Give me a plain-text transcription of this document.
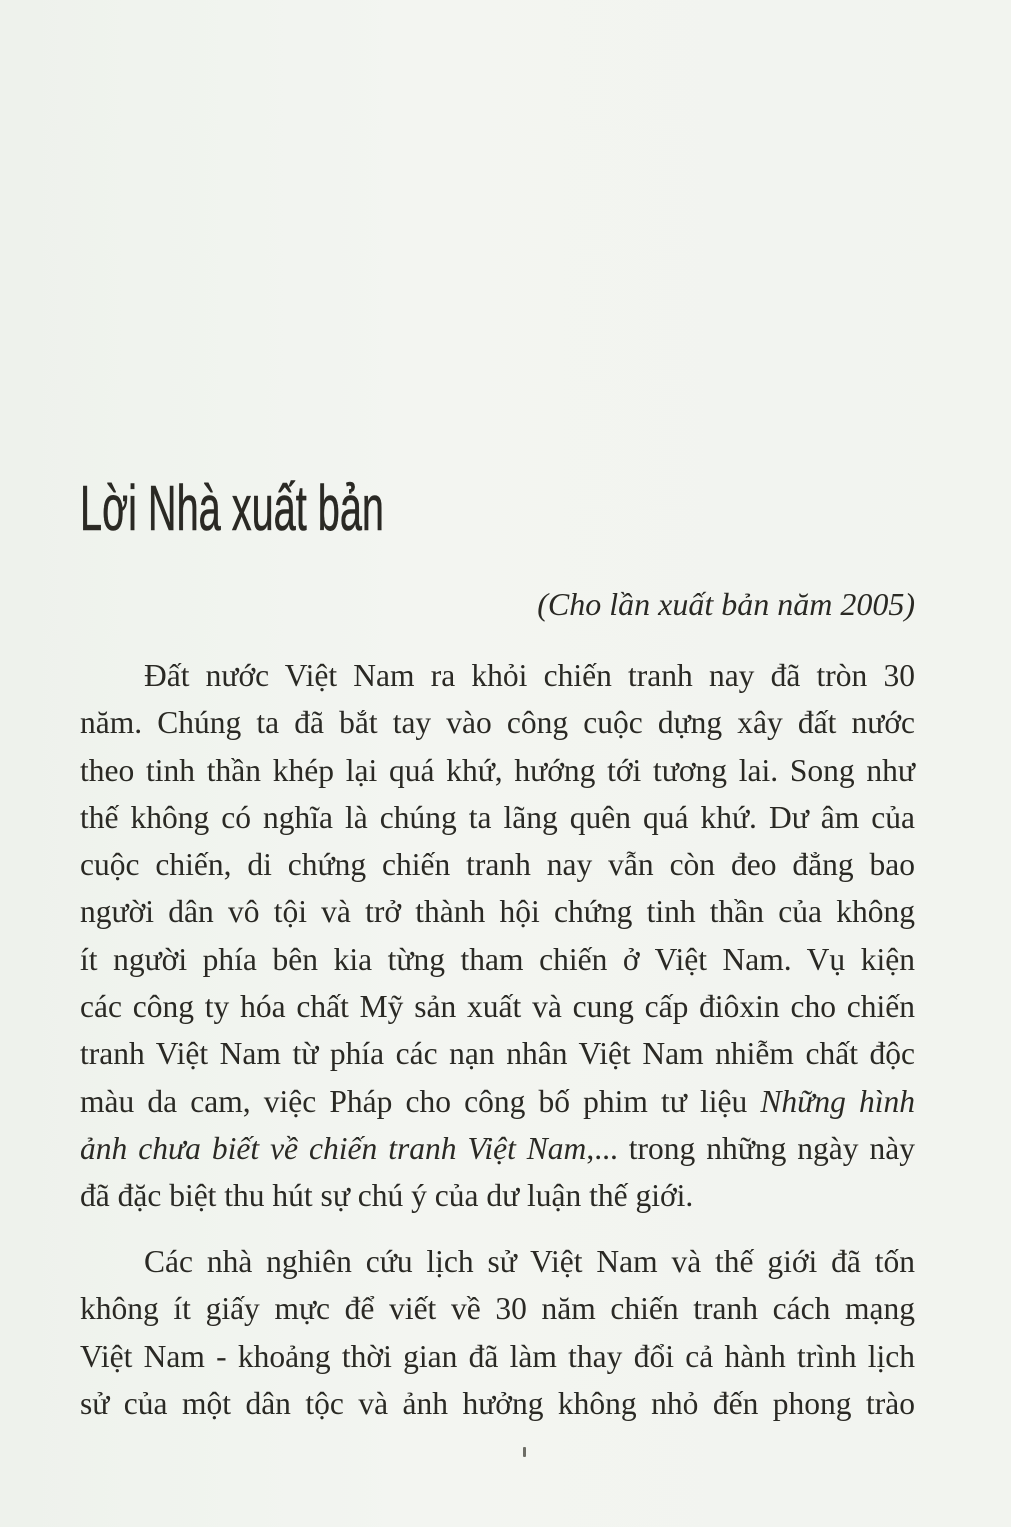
Lời Nhà xuất bản
(Cho lần xuất bản năm 2005)
Đất nước Việt Nam ra khỏi chiến tranh nay đã tròn 30
năm. Chúng ta đã bắt tay vào công cuộc dựng xây đất nước
theo tinh thần khép lại quá khứ, hướng tới tương lai. Song như
thế không có nghĩa là chúng ta lãng quên quá khứ. Dư âm của
cuộc chiến, di chứng chiến tranh nay vẫn còn đeo đẳng bao
người dân vô tội và trở thành hội chứng tinh thần của không
ít người phía bên kia từng tham chiến ở Việt Nam. Vụ kiện
các công ty hóa chất Mỹ sản xuất và cung cấp điôxin cho chiến
tranh Việt Nam từ phía các nạn nhân Việt Nam nhiễm chất độc
màu da cam, việc Pháp cho công bố phim tư liệu Những hình
ảnh chưa biết về chiến tranh Việt Nam,... trong những ngày này
đã đặc biệt thu hút sự chú ý của dư luận thế giới.
Các nhà nghiên cứu lịch sử Việt Nam và thế giới đã tốn
không ít giấy mực để viết về 30 năm chiến tranh cách mạng
Việt Nam - khoảng thời gian đã làm thay đổi cả hành trình lịch
sử của một dân tộc và ảnh hưởng không nhỏ đến phong trào
